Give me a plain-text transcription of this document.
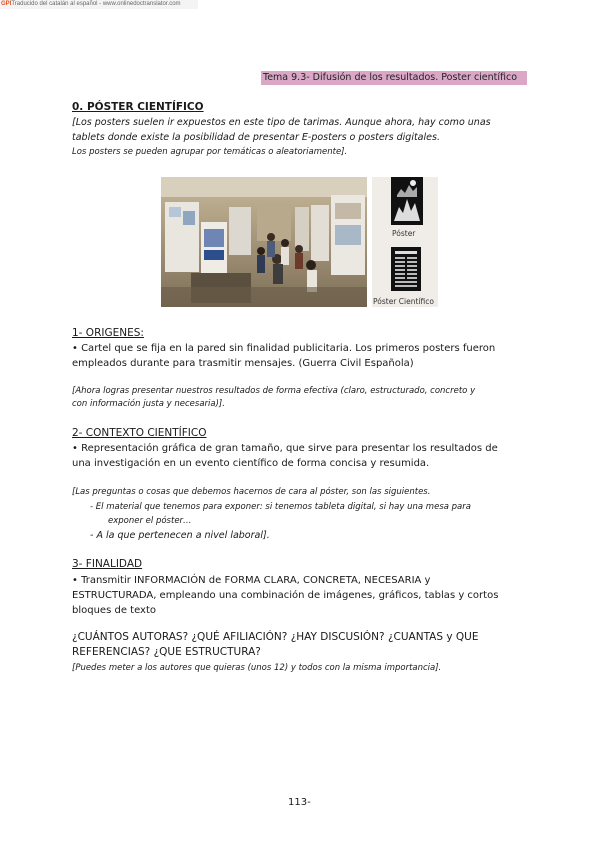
GPITraducido del catalán al español - www.onlinedoctranslator.com
Tema 9.3- Difusión de los resultados. Poster científico
0. PÓSTER CIENTÍFICO
[Los posters suelen ir expuestos en este tipo de tarimas. Aunque ahora, hay como unas
tablets donde existe la posibilidad de presentar E-posters o posters digitales.
Los posters se pueden agrupar por temáticas o aleatoriamente].
Póster
Póster Científico
1- ORIGENES:
• Cartel que se fija en la pared sin finalidad publicitaria. Los primeros posters fueron
empleados durante para trasmitir mensajes. (Guerra Civil Española)
[Ahora logras presentar nuestros resultados de forma efectiva (claro, estructurado, concreto y
con información justa y necesaria)].
2- CONTEXTO CIENTÍFICO
• Representación gráfica de gran tamaño, que sirve para presentar los resultados de
una investigación en un evento científico de forma concisa y resumida.
[Las preguntas o cosas que debemos hacernos de cara al póster, son las siguientes.
- El material que tenemos para exponer: si tenemos tableta digital, si hay una mesa para
exponer el póster…
- A la que pertenecen a nivel laboral].
3- FINALIDAD
• Transmitir INFORMACIÓN de FORMA CLARA, CONCRETA, NECESARIA y
ESTRUCTURADA, empleando una combinación de imágenes, gráficos, tablas y cortos
bloques de texto
¿CUÁNTOS AUTORAS? ¿QUÉ AFILIACIÓN? ¿HAY DISCUSIÓN? ¿CUANTAS y QUE
REFERENCIAS? ¿QUE ESTRUCTURA?
[Puedes meter a los autores que quieras (unos 12) y todos con la misma importancia].
113-
